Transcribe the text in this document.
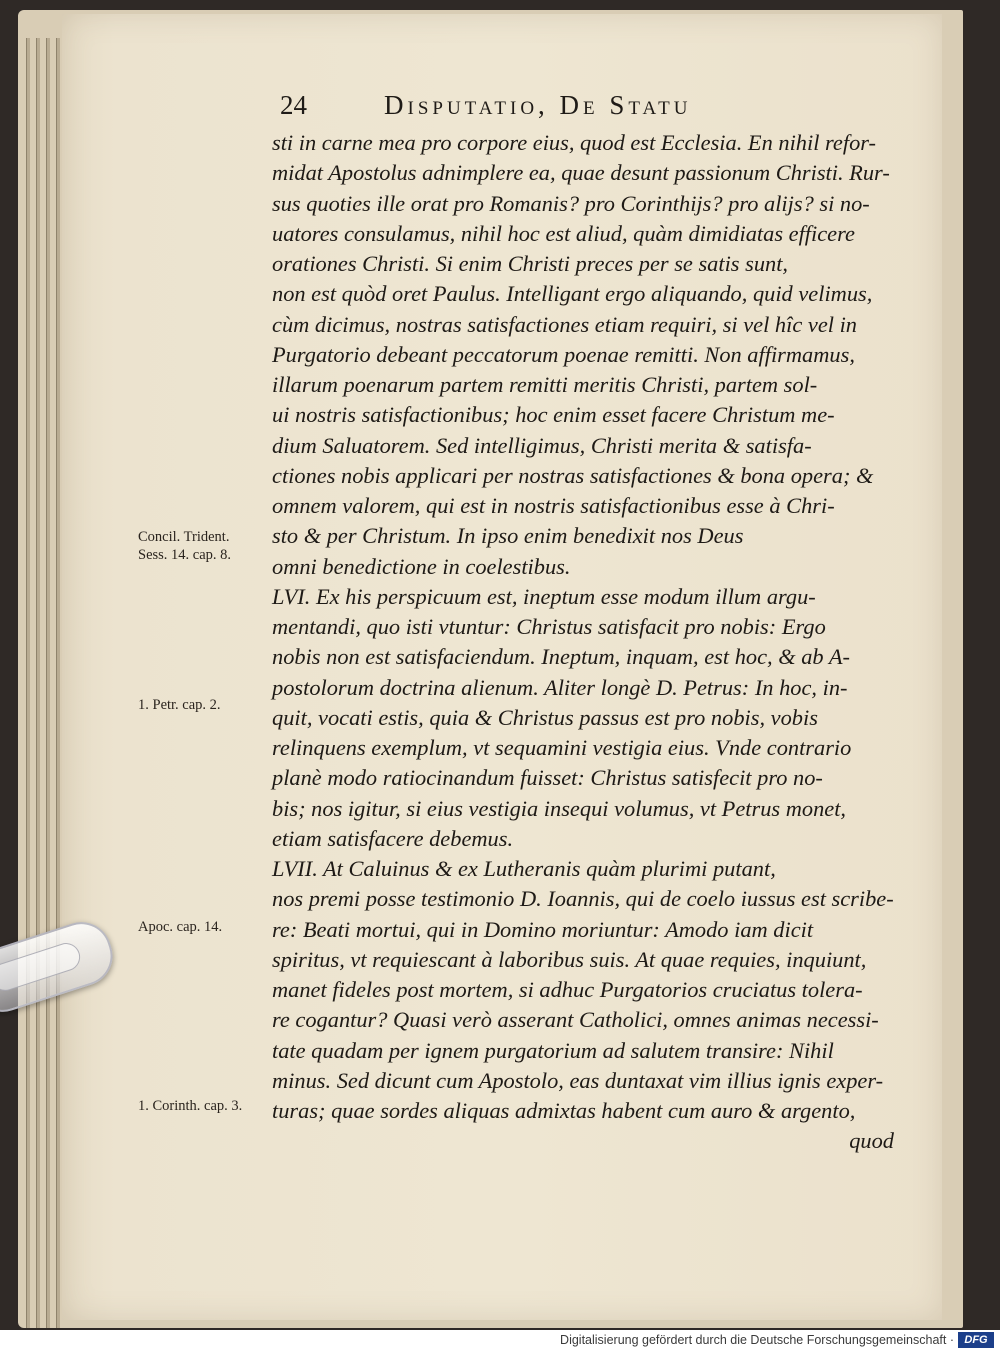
24	Disputatio, De Statu
Concil. Trident.
Sess. 14. cap. 8.
1. Petr. cap. 2.
Apoc. cap. 14.
1. Corinth. cap. 3.
sti in carne mea pro corpore eius, quod est Ecclesia. En nihil refor-
midat Apostolus adnimplere ea, quae desunt passionum Christi. Rur-
sus quoties ille orat pro Romanis? pro Corinthijs? pro alijs? si no-
uatores consulamus, nihil hoc est aliud, quàm dimidiatas efficere
orationes Christi. Si enim Christi preces per se satis sunt,
non est quòd oret Paulus. Intelligant ergo aliquando, quid velimus,
cùm dicimus, nostras satisfactiones etiam requiri, si vel hîc vel in
Purgatorio debeant peccatorum poenae remitti. Non affirmamus,
illarum poenarum partem remitti meritis Christi, partem sol-
ui nostris satisfactionibus; hoc enim esset facere Christum me-
dium Saluatorem. Sed intelligimus, Christi merita & satisfa-
ctiones nobis applicari per nostras satisfactiones & bona opera; &
omnem valorem, qui est in nostris satisfactionibus esse à Chri-
sto & per Christum. In ipso enim benedixit nos Deus
omni benedictione in coelestibus.
LVI. Ex his perspicuum est, ineptum esse modum illum argu-
mentandi, quo isti vtuntur: Christus satisfacit pro nobis: Ergo
nobis non est satisfaciendum. Ineptum, inquam, est hoc, & ab A-
postolorum doctrina alienum. Aliter longè D. Petrus: In hoc, in-
quit, vocati estis, quia & Christus passus est pro nobis, vobis
relinquens exemplum, vt sequamini vestigia eius. Vnde contrario
planè modo ratiocinandum fuisset: Christus satisfecit pro no-
bis; nos igitur, si eius vestigia insequi volumus, vt Petrus monet,
etiam satisfacere debemus.
LVII. At Caluinus & ex Lutheranis quàm plurimi putant,
nos premi posse testimonio D. Ioannis, qui de coelo iussus est scribe-
re: Beati mortui, qui in Domino moriuntur: Amodo iam dicit
spiritus, vt requiescant à laboribus suis. At quae requies, inquiunt,
manet fideles post mortem, si adhuc Purgatorios cruciatus tolera-
re cogantur? Quasi verò asserant Catholici, omnes animas necessi-
tate quadam per ignem purgatorium ad salutem transire: Nihil
minus. Sed dicunt cum Apostolo, eas duntaxat vim illius ignis exper-
turas; quae sordes aliquas admixtas habent cum auro & argento,
quod
Digitalisierung gefördert durch die Deutsche Forschungsgemeinschaft · DFG
